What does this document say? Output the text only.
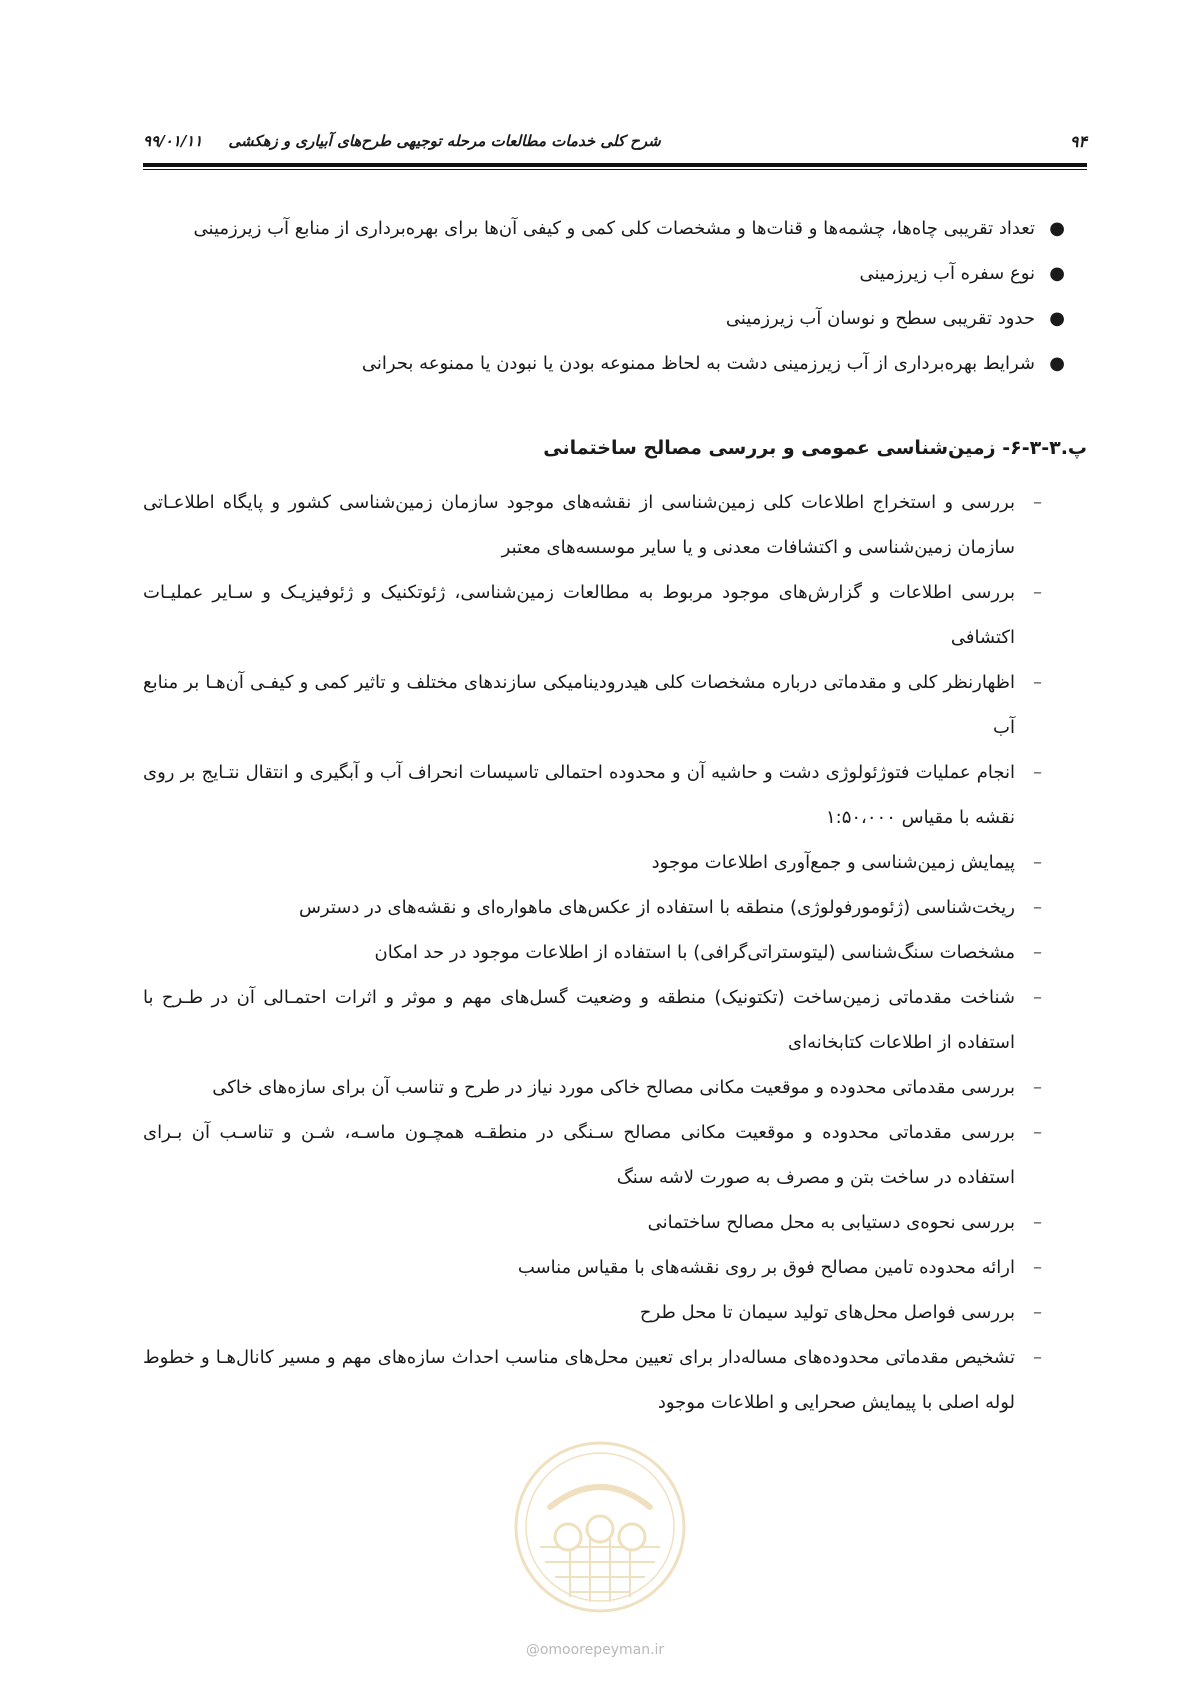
۹۴
شرح کلی خدمات مطالعات مرحله توجیهی طرح‌های آبیاری و زهکشی     ۹۹/۰۱/۱۱
●
تعداد تقریبی چاه‌ها، چشمه‌ها و قنات‌ها و مشخصات کلی کمی و کیفی آن‌ها برای بهره‌برداری از منابع آب زیرزمینی
●
نوع سفره آب زیرزمینی
●
حدود تقریبی سطح و نوسان آب زیرزمینی
●
شرایط بهره‌برداری از آب زیرزمینی دشت به لحاظ ممنوعه بودن یا نبودن یا ممنوعه بحرانی
پ.۳-۳-۶- زمین‌شناسی عمومی و بررسی مصالح ساختمانی
–
بررسی و استخراج اطلاعات کلی زمین‌شناسی از نقشه‌های موجود سازمان زمین‌شناسی کشور و پایگاه اطلاعـاتی سازمان زمین‌شناسی و اکتشافات معدنی و یا سایر موسسه‌های معتبر
–
بررسی اطلاعات و گزارش‌های موجود مربوط به مطالعات زمین‌شناسی، ژئوتکنیک و ژئوفیزیـک و سـایر عملیـات اکتشافی
–
اظهارنظر کلی و مقدماتی درباره مشخصات کلی هیدرودینامیکی سازندهای مختلف و تاثیر کمی و کیفـی آن‌هـا بر منابع آب
–
انجام عملیات فتوژئولوژی دشت و حاشیه آن و محدوده احتمالی تاسیسات انحراف آب و آبگیری و انتقال نتـایج بر روی نقشه با مقیاس ۱:۵۰،۰۰۰
–
پیمایش زمین‌شناسی و جمع‌آوری اطلاعات موجود
–
ریخت‌شناسی (ژئومورفولوژی) منطقه با استفاده از عکس‌های ماهواره‌ای و نقشه‌های در دسترس
–
مشخصات سنگ‌شناسی (لیتوستراتی‌گرافی) با استفاده از اطلاعات موجود در حد امکان
–
شناخت مقدماتی زمین‌ساخت (تکتونیک) منطقه و وضعیت گسل‌های مهم و موثر و اثرات احتمـالی آن در طـرح با استفاده از اطلاعات کتابخانه‌ای
–
بررسی مقدماتی محدوده و موقعیت مکانی مصالح خاکی مورد نیاز در طرح و تناسب آن برای سازه‌های خاکی
–
بررسی مقدماتی محدوده و موقعیت مکانی مصالح سـنگی در منطقـه همچـون ماسـه، شـن و تناسـب آن بـرای استفاده در ساخت بتن و مصرف به صورت لاشه سنگ
–
بررسی نحوه‌ی دستیابی به محل مصالح ساختمانی
–
ارائه محدوده تامین مصالح فوق بر روی نقشه‌های با مقیاس مناسب
–
بررسی فواصل محل‌های تولید سیمان تا محل طرح
–
تشخیص مقدماتی محدوده‌های مساله‌دار برای تعیین محل‌های مناسب احداث سازه‌های مهم و مسیر کانال‌هـا و خطوط لوله اصلی با پیمایش صحرایی و اطلاعات موجود
@omoorepeyman.ir
